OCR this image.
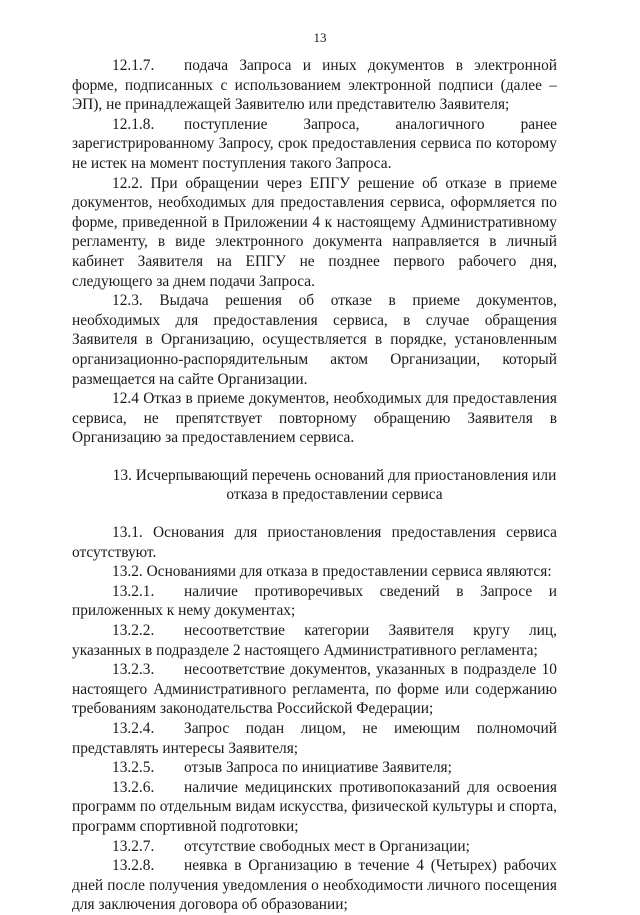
13

12.1.7. подача Запроса и иных документов в электронной форме, подписанных с использованием электронной подписи (далее – ЭП), не принадлежащей Заявителю или представителю Заявителя;

12.1.8. поступление Запроса, аналогичного ранее зарегистрированному Запросу, срок предоставления сервиса по которому не истек на момент поступления такого Запроса.

12.2. При обращении через ЕПГУ решение об отказе в приеме документов, необходимых для предоставления сервиса, оформляется по форме, приведенной в Приложении 4 к настоящему Административному регламенту, в виде электронного документа направляется в личный кабинет Заявителя на ЕПГУ не позднее первого рабочего дня, следующего за днем подачи Запроса.

12.3. Выдача решения об отказе в приеме документов, необходимых для предоставления сервиса, в случае обращения Заявителя в Организацию, осуществляется в порядке, установленным организационно-распорядительным актом Организации, который размещается на сайте Организации.

12.4 Отказ в приеме документов, необходимых для предоставления сервиса, не препятствует повторному обращению Заявителя в Организацию за предоставлением сервиса.

13. Исчерпывающий перечень оснований для приостановления или
отказа в предоставлении сервиса

13.1. Основания для приостановления предоставления сервиса отсутствуют.

13.2. Основаниями для отказа в предоставлении сервиса являются:

13.2.1. наличие противоречивых сведений в Запросе и приложенных к нему документах;

13.2.2. несоответствие категории Заявителя кругу лиц, указанных в подразделе 2 настоящего Административного регламента;

13.2.3. несоответствие документов, указанных в подразделе 10 настоящего Административного регламента, по форме или содержанию требованиям законодательства Российской Федерации;

13.2.4. Запрос подан лицом, не имеющим полномочий представлять интересы Заявителя;

13.2.5. отзыв Запроса по инициативе Заявителя;

13.2.6. наличие медицинских противопоказаний для освоения программ по отдельным видам искусства, физической культуры и спорта, программ спортивной подготовки;

13.2.7. отсутствие свободных мест в Организации;

13.2.8. неявка в Организацию в течение 4 (Четырех) рабочих дней после получения уведомления о необходимости личного посещения для заключения договора об образовании;
